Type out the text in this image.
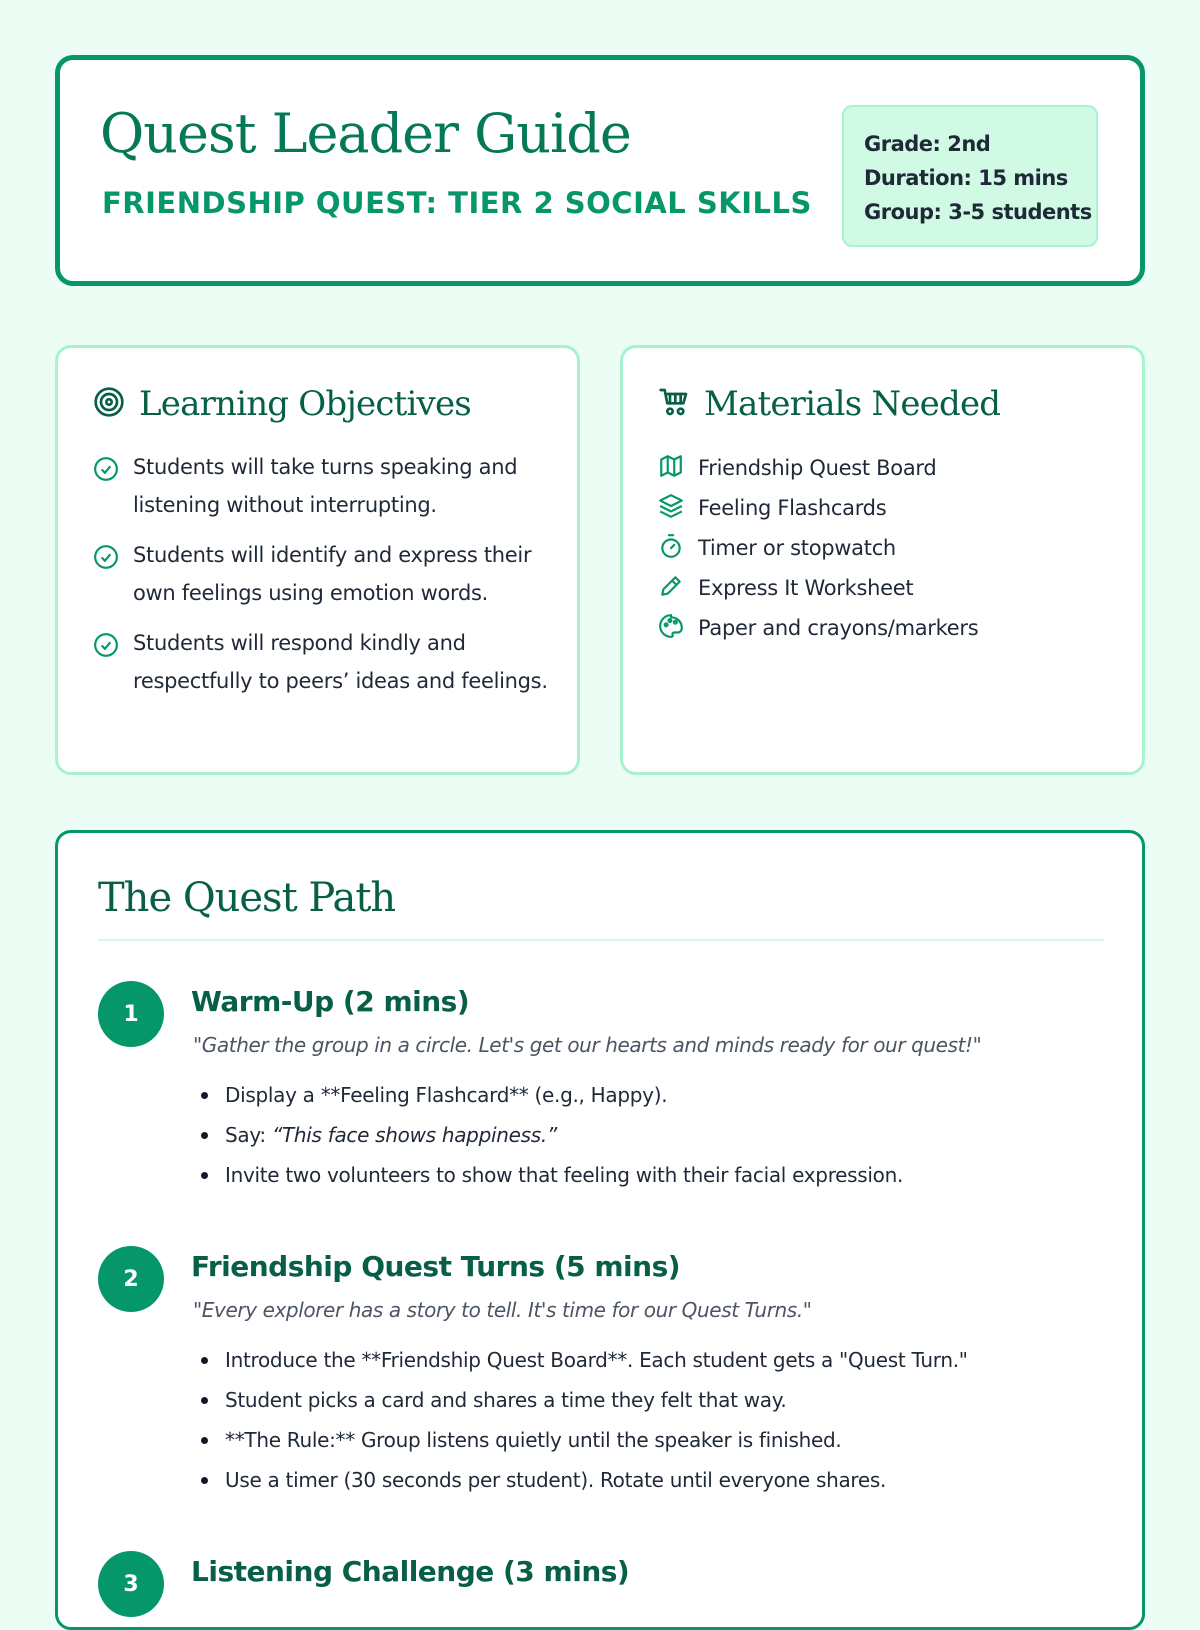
Quest Leader Guide
FRIENDSHIP QUEST: TIER 2 SOCIAL SKILLS
Grade: 2nd
Duration: 15 mins
Group: 3-5 students
Learning Objectives
Students will take turns speaking and listening without interrupting.
Students will identify and express their own feelings using emotion words.
Students will respond kindly and respectfully to peers’ ideas and feelings.
Materials Needed
Friendship Quest Board
Feeling Flashcards
Timer or stopwatch
Express It Worksheet
Paper and crayons/markers
The Quest Path
1	Warm-Up (2 mins)
"Gather the group in a circle. Let's get our hearts and minds ready for our quest!"
Display a **Feeling Flashcard** (e.g., Happy).
Say: “This face shows happiness.”
Invite two volunteers to show that feeling with their facial expression.
2	Friendship Quest Turns (5 mins)
"Every explorer has a story to tell. It's time for our Quest Turns."
Introduce the **Friendship Quest Board**. Each student gets a "Quest Turn."
Student picks a card and shares a time they felt that way.
**The Rule:** Group listens quietly until the speaker is finished.
Use a timer (30 seconds per student). Rotate until everyone shares.
3	Listening Challenge (3 mins)
